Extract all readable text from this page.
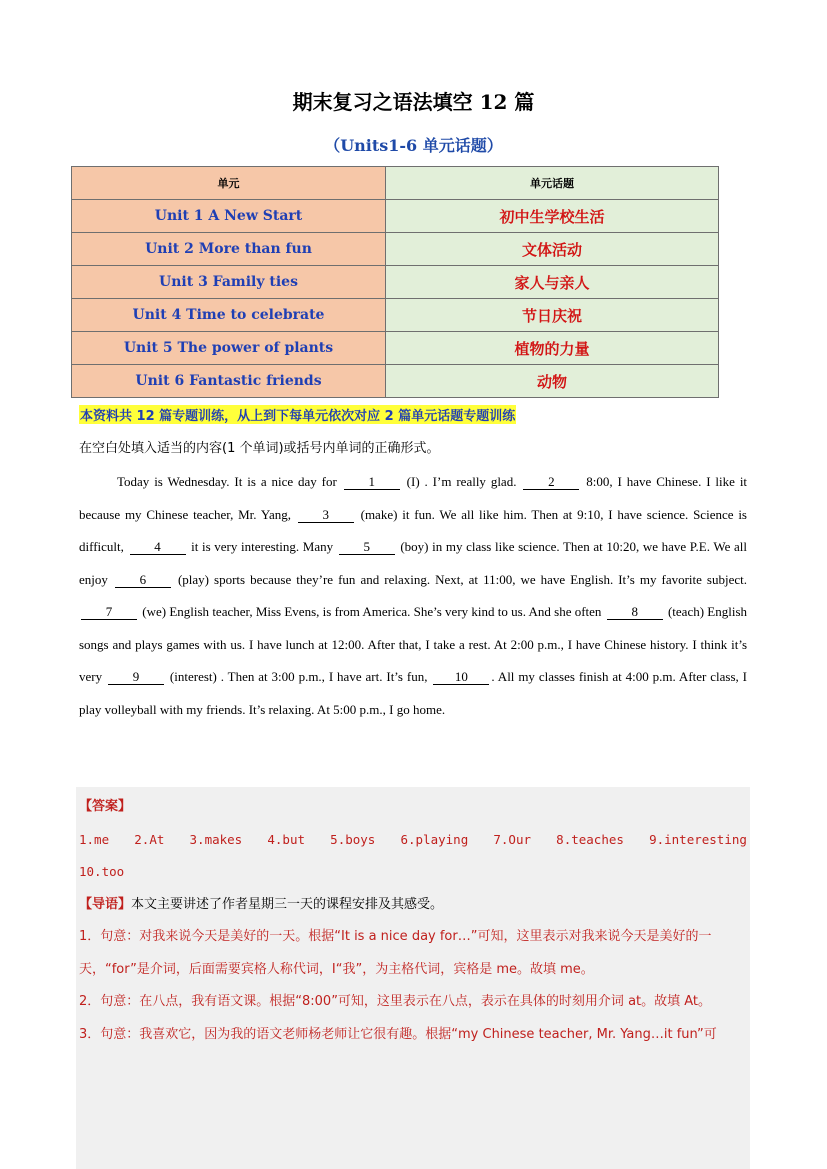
期末复习之语法填空 12 篇
（Units1-6 单元话题）
单元	单元话题
Unit 1 A New Start	初中生学校生活
Unit 2 More than fun	文体活动
Unit 3 Family ties	家人与亲人
Unit 4 Time to celebrate	节日庆祝
Unit 5 The power of plants	植物的力量
Unit 6 Fantastic friends	动物
本资料共 12 篇专题训练，从上到下每单元依次对应 2 篇单元话题专题训练
在空白处填入适当的内容(1 个单词)或括号内单词的正确形式。

Today is Wednesday. It is a nice day for 1 (I) . I’m really glad. 2 8:00, I have Chinese. I like it because my Chinese teacher, Mr. Yang, 3 (make) it fun. We all like him. Then at 9:10, I have science. Science is difficult, 4 it is very interesting. Many 5 (boy) in my class like science. Then at 10:20, we have P.E. We all enjoy 6 (play) sports because they’re fun and relaxing. Next, at 11:00, we have English. It’s my favorite subject. 7 (we) English teacher, Miss Evens, is from America. She’s very kind to us. And she often 8 (teach) English songs and plays games with us. I have lunch at 12:00. After that, I take a rest. At 2:00 p.m., I have Chinese history. I think it’s very 9 (interest) . Then at 3:00 p.m., I have art. It’s fun, 10 . All my classes finish at 4:00 p.m. After class, I play volleyball with my friends. It’s relaxing. At 5:00 p.m., I go home.

【答案】
1.me 2.At 3.makes 4.but 5.boys 6.playing 7.Our 8.teaches 9.interesting
10.too
【导语】本文主要讲述了作者星期三一天的课程安排及其感受。
1．句意：对我来说今天是美好的一天。根据“It is a nice day for…”可知，这里表示对我来说今天是美好的一天，“for”是介词，后面需要宾格人称代词，I“我”，为主格代词，宾格是 me。故填 me。
2．句意：在八点，我有语文课。根据“8:00”可知，这里表示在八点，表示在具体的时刻用介词 at。故填 At。
3．句意：我喜欢它，因为我的语文老师杨老师让它很有趣。根据“my Chinese teacher, Mr. Yang…it fun”可
